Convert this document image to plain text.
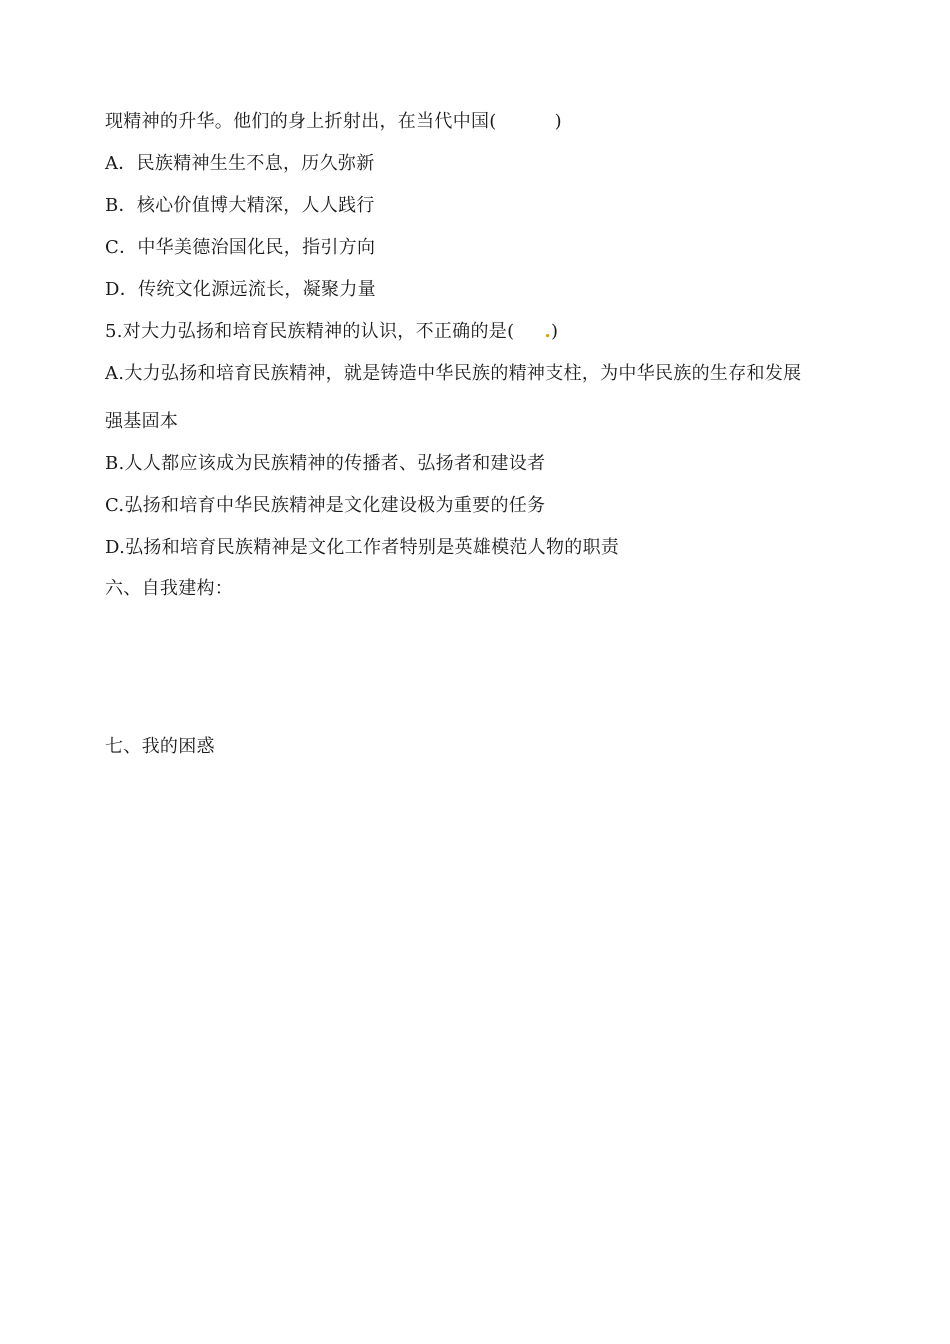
现精神的升华。他们的身上折射出，在当代中国(	)
A．民族精神生生不息，历久弥新
B．核心价值博大精深，人人践行
C．中华美德治国化民，指引方向
D．传统文化源远流长，凝聚力量
5.对大力弘扬和培育民族精神的认识，不正确的是( .)
A.大力弘扬和培育民族精神，就是铸造中华民族的精神支柱，为中华民族的生存和发展
强基固本
B.人人都应该成为民族精神的传播者、弘扬者和建设者
C.弘扬和培育中华民族精神是文化建设极为重要的任务
D.弘扬和培育民族精神是文化工作者特别是英雄模范人物的职责
六、自我建构：
七、我的困惑
